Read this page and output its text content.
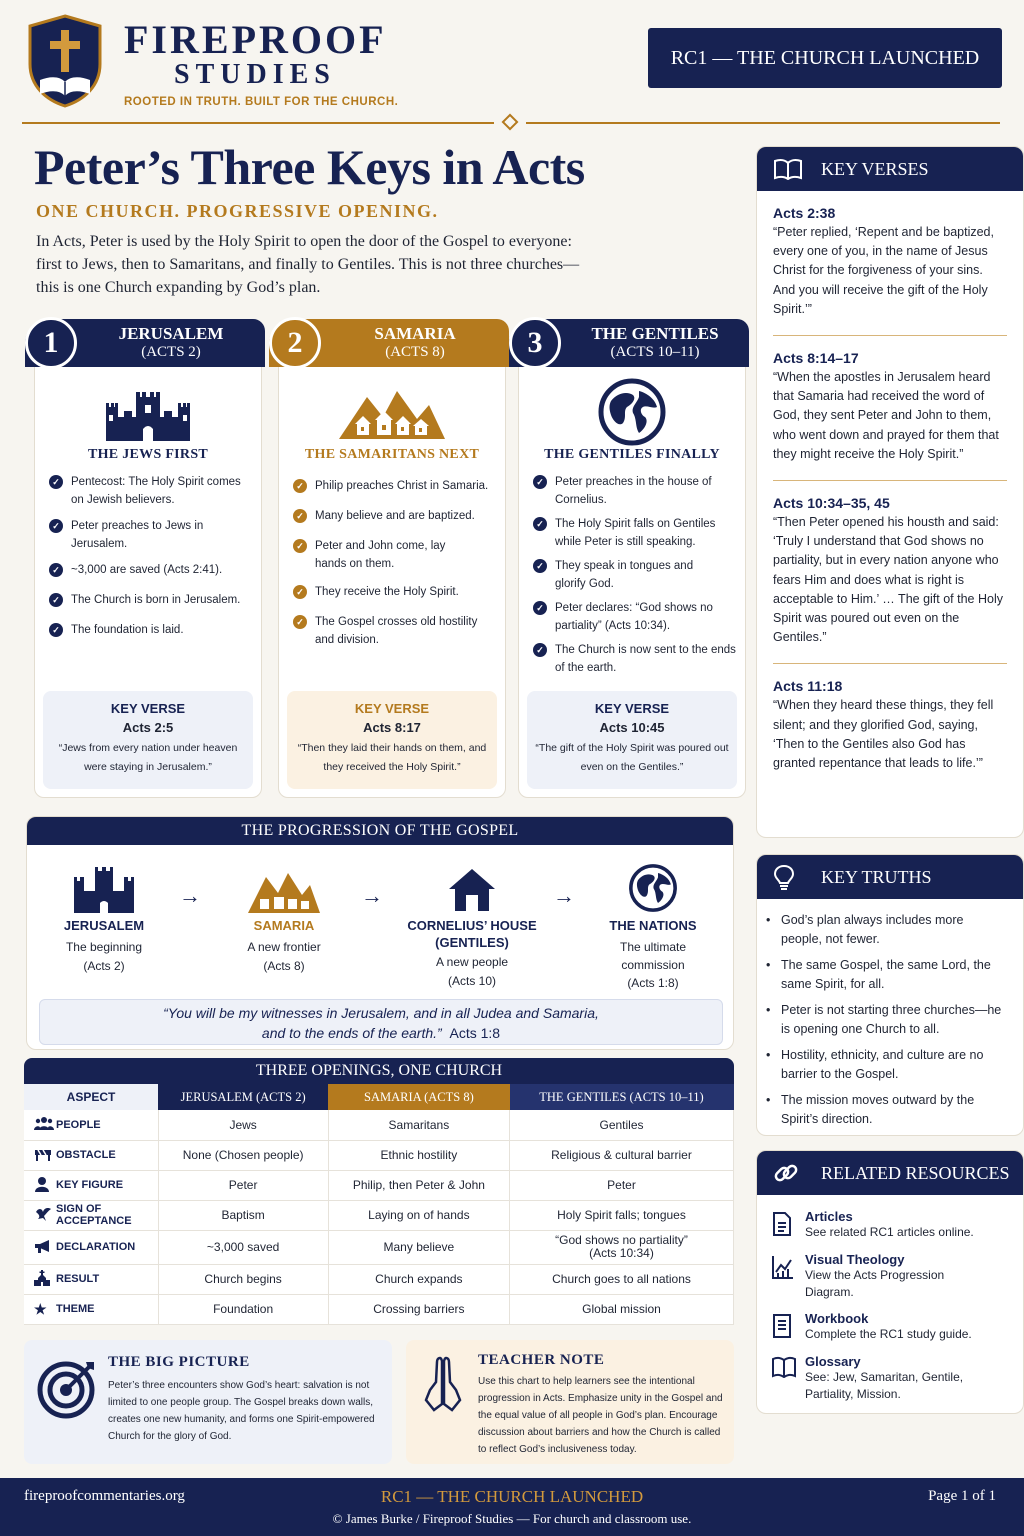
FIREPROOF
STUDIES
ROOTED IN TRUTH. BUILT FOR THE CHURCH.
RC1 — THE CHURCH LAUNCHED
Peter’s Three Keys in Acts
ONE CHURCH. PROGRESSIVE OPENING.
In Acts, Peter is used by the Holy Spirit to open the door of the Gospel to everyone: first to Jews, then to Samaritans, and finally to Gentiles. This is not three churches—this is one Church expanding by God’s plan.
1	JERUSALEM
(ACTS 2)
THE JEWS FIRST
✓ Pentecost: The Holy Spirit comes on Jewish believers.
✓ Peter preaches to Jews in Jerusalem.
✓ ~3,000 are saved (Acts 2:41).
✓ The Church is born in Jerusalem.
✓ The foundation is laid.
KEY VERSE
Acts 2:5
“Jews from every nation under heaven were staying in Jerusalem.”
2	SAMARIA
(ACTS 8)
THE SAMARITANS NEXT
✓ Philip preaches Christ in Samaria.
✓ Many believe and are baptized.
✓ Peter and John come, lay hands on them.
✓ They receive the Holy Spirit.
✓ The Gospel crosses old hostility and division.
KEY VERSE
Acts 8:17
“Then they laid their hands on them, and they received the Holy Spirit.”
3	THE GENTILES
(ACTS 10–11)
THE GENTILES FINALLY
✓ Peter preaches in the house of Cornelius.
✓ The Holy Spirit falls on Gentiles while Peter is still speaking.
✓ They speak in tongues and glorify God.
✓ Peter declares: “God shows no partiality” (Acts 10:34).
✓ The Church is now sent to the ends of the earth.
KEY VERSE
Acts 10:45
“The gift of the Holy Spirit was poured out even on the Gentiles.”
KEY VERSES
Acts 2:38
“Peter replied, ‘Repent and be baptized, every one of you, in the name of Jesus Christ for the forgiveness of your sins. And you will receive the gift of the Holy Spirit.’”
Acts 8:14–17
“When the apostles in Jerusalem heard that Samaria had received the word of God, they sent Peter and John to them, who went down and prayed for them that they might receive the Holy Spirit.”
Acts 10:34–35, 45
“Then Peter opened his housth and said: ‘Truly I understand that God shows no partiality, but in every nation anyone who fears Him and does what is right is acceptable to Him.’ … The gift of the Holy Spirit was poured out even on the Gentiles.”
Acts 11:18
“When they heard these things, they fell silent; and they glorified God, saying, ‘Then to the Gentiles also God has granted repentance that leads to life.’”
KEY TRUTHS
• God’s plan always includes more people, not fewer.
• The same Gospel, the same Lord, the same Spirit, for all.
• Peter is not starting three churches—he is opening one Church to all.
• Hostility, ethnicity, and culture are no barrier to the Gospel.
• The mission moves outward by the Spirit’s direction.
RELATED RESOURCES
Articles
See related RC1 articles online.
Visual Theology
View the Acts Progression Diagram.
Workbook
Complete the RC1 study guide.
Glossary
See: Jew, Samaritan, Gentile, Partiality, Mission.
THE PROGRESSION OF THE GOSPEL
JERUSALEM
The beginning
(Acts 2)
→
SAMARIA
A new frontier
(Acts 8)
→
CORNELIUS’ HOUSE
(GENTILES)
A new people
(Acts 10)
→
THE NATIONS
The ultimate
commission
(Acts 1:8)
“You will be my witnesses in Jerusalem, and in all Judea and Samaria,
and to the ends of the earth.” Acts 1:8
THREE OPENINGS, ONE CHURCH
ASPECT	JERUSALEM (ACTS 2)	SAMARIA (ACTS 8)	THE GENTILES (ACTS 10–11)
PEOPLE	Jews	Samaritans	Gentiles
OBSTACLE	None (Chosen people)	Ethnic hostility	Religious & cultural barrier
KEY FIGURE	Peter	Philip, then Peter & John	Peter
SIGN OF
ACCEPTANCE	Baptism	Laying on of hands	Holy Spirit falls; tongues
DECLARATION	~3,000 saved	Many believe	“God shows no partiality”
(Acts 10:34)
RESULT	Church begins	Church expands	Church goes to all nations
★ THEME	Foundation	Crossing barriers	Global mission
THE BIG PICTURE
Peter’s three encounters show God’s heart: salvation is not limited to one people group. The Gospel breaks down walls, creates one new humanity, and forms one Spirit-empowered Church for the glory of God.
TEACHER NOTE
Use this chart to help learners see the intentional progression in Acts. Emphasize unity in the Gospel and the equal value of all people in God’s plan. Encourage discussion about barriers and how the Church is called to reflect God’s inclusiveness today.
RC1 — THE CHURCH LAUNCHED
fireproofcommentaries.org	Page 1 of 1
© James Burke / Fireproof Studies — For church and classroom use.
